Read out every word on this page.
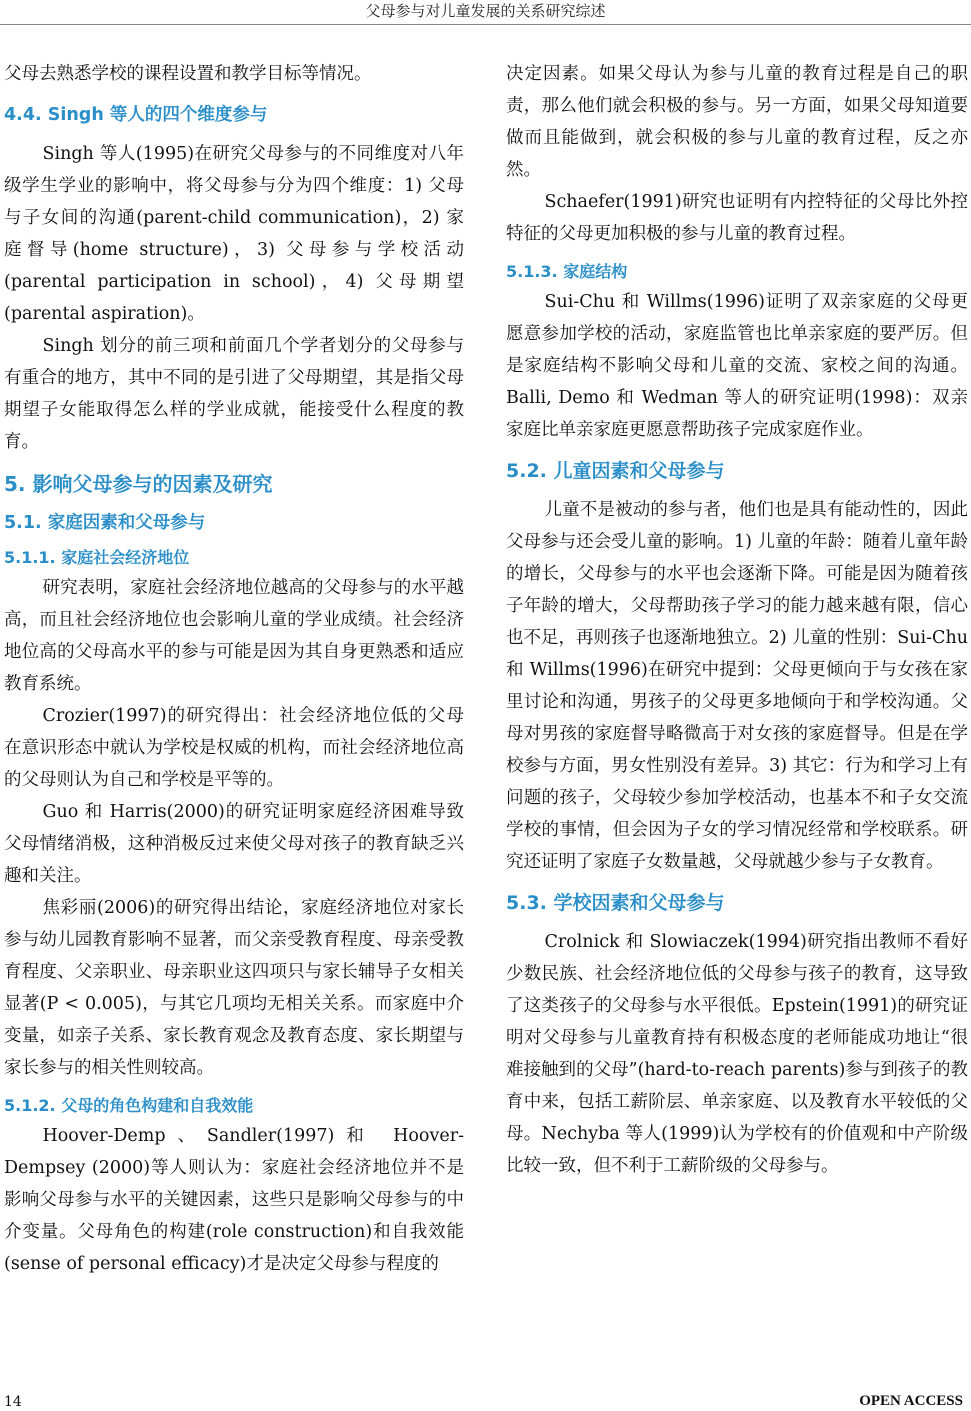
父母参与对儿童发展的关系研究综述

父母去熟悉学校的课程设置和教学目标等情况。

4.4. Singh 等人的四个维度参与

Singh 等人(1995)在研究父母参与的不同维度对八年级学生学业的影响中，将父母参与分为四个维度：1) 父母与子女间的沟通(parent-child communication)，2) 家庭督导(home structure)，3) 父母参与学校活动(parental participation in school)，4) 父母期望(parental aspiration)。

Singh 划分的前三项和前面几个学者划分的父母参与有重合的地方，其中不同的是引进了父母期望，其是指父母期望子女能取得怎么样的学业成就，能接受什么程度的教育。

5. 影响父母参与的因素及研究
5.1. 家庭因素和父母参与
5.1.1. 家庭社会经济地位

研究表明，家庭社会经济地位越高的父母参与的水平越高，而且社会经济地位也会影响儿童的学业成绩。社会经济地位高的父母高水平的参与可能是因为其自身更熟悉和适应教育系统。

Crozier(1997)的研究得出：社会经济地位低的父母在意识形态中就认为学校是权威的机构，而社会经济地位高的父母则认为自己和学校是平等的。

Guo 和 Harris(2000)的研究证明家庭经济困难导致父母情绪消极，这种消极反过来使父母对孩子的教育缺乏兴趣和关注。

焦彩丽(2006)的研究得出结论，家庭经济地位对家长参与幼儿园教育影响不显著，而父亲受教育程度、母亲受教育程度、父亲职业、母亲职业这四项只与家长辅导子女相关显著(P < 0.005)，与其它几项均无相关关系。而家庭中介变量，如亲子关系、家长教育观念及教育态度、家长期望与家长参与的相关性则较高。

5.1.2. 父母的角色构建和自我效能

Hoover-Demp、Sandler(1997)和 Hoover-Dempsey (2000)等人则认为：家庭社会经济地位并不是影响父母参与水平的关键因素，这些只是影响父母参与的中介变量。父母角色的构建(role construction)和自我效能(sense of personal efficacy)才是决定父母参与程度的

决定因素。如果父母认为参与儿童的教育过程是自己的职责，那么他们就会积极的参与。另一方面，如果父母知道要做而且能做到，就会积极的参与儿童的教育过程，反之亦然。

Schaefer(1991)研究也证明有内控特征的父母比外控特征的父母更加积极的参与儿童的教育过程。

5.1.3. 家庭结构

Sui-Chu 和 Willms(1996)证明了双亲家庭的父母更愿意参加学校的活动，家庭监管也比单亲家庭的要严厉。但是家庭结构不影响父母和儿童的交流、家校之间的沟通。Balli, Demo 和 Wedman 等人的研究证明(1998)：双亲家庭比单亲家庭更愿意帮助孩子完成家庭作业。

5.2. 儿童因素和父母参与

儿童不是被动的参与者，他们也是具有能动性的，因此父母参与还会受儿童的影响。1) 儿童的年龄：随着儿童年龄的增长，父母参与的水平也会逐渐下降。可能是因为随着孩子年龄的增大，父母帮助孩子学习的能力越来越有限，信心也不足，再则孩子也逐渐地独立。2) 儿童的性别：Sui-Chu 和 Willms(1996)在研究中提到：父母更倾向于与女孩在家里讨论和沟通，男孩子的父母更多地倾向于和学校沟通。父母对男孩的家庭督导略微高于对女孩的家庭督导。但是在学校参与方面，男女性别没有差异。3) 其它：行为和学习上有问题的孩子，父母较少参加学校活动，也基本不和子女交流学校的事情，但会因为子女的学习情况经常和学校联系。研究还证明了家庭子女数量越，父母就越少参与子女教育。

5.3. 学校因素和父母参与

Crolnick 和 Slowiaczek(1994)研究指出教师不看好少数民族、社会经济地位低的父母参与孩子的教育，这导致了这类孩子的父母参与水平很低。Epstein(1991)的研究证明对父母参与儿童教育持有积极态度的老师能成功地让“很难接触到的父母”(hard-to-reach parents)参与到孩子的教育中来，包括工薪阶层、单亲家庭、以及教育水平较低的父母。Nechyba 等人(1999)认为学校有的价值观和中产阶级比较一致，但不利于工薪阶级的父母参与。

14	OPEN ACCESS
